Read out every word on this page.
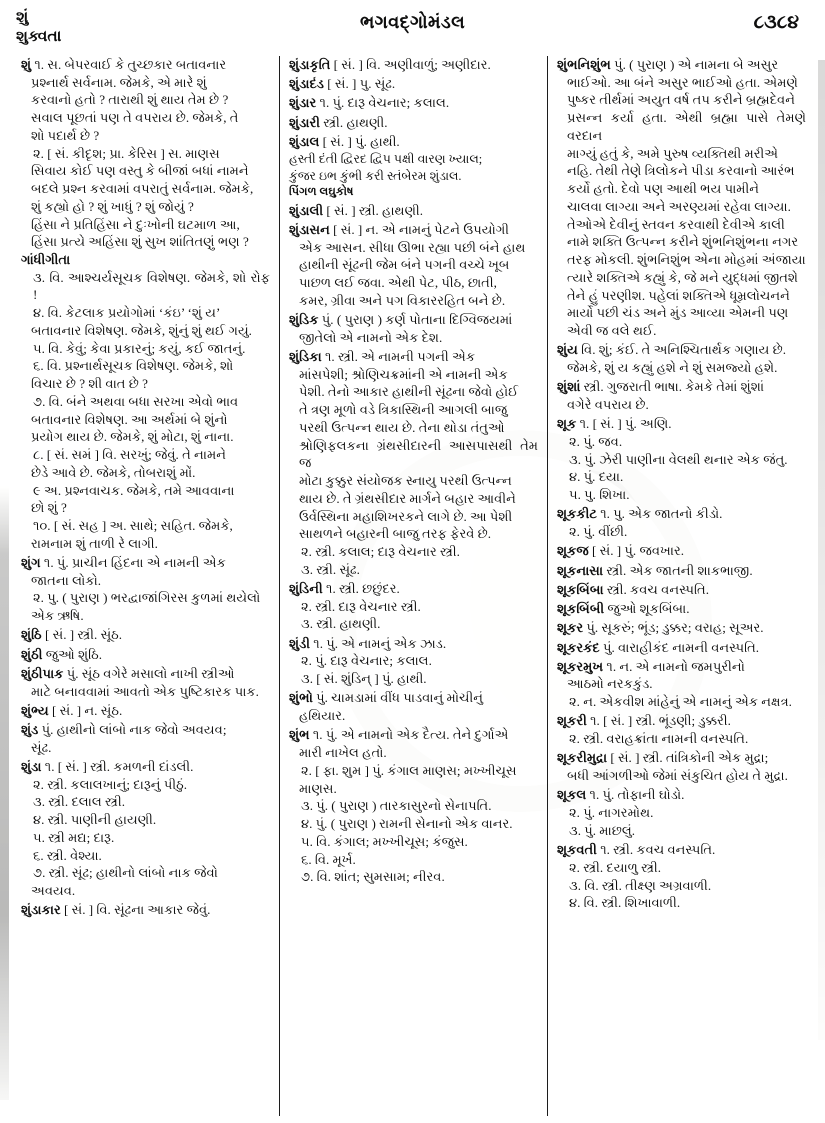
શું
શુક્વતા
ભગવદ્ગોમંડલ	૮૩૮૪

શું ૧. સ. બેપરવાઈ કે તુચ્છકાર બતાવનાર

પ્રશ્નાર્થ સર્વનામ. જેમકે, એ મારે શું

કરવાનો હતો ? તારાથી શું થાય તેમ છે ?

સવાલ પૂછતાં પણ તે વપરાય છે. જેમકે, તે

શો પદાર્થ છે ?

૨. [ સં. કીદૃશ; પ્રા. કેરિસ ] સ. માણસ

સિવાય કોઈ પણ વસ્તુ કે બીજાં બધાં નામને

બદલે પ્રશ્ન કરવામાં વપરાતું સર્વનામ. જેમકે,

શું કહ્યો હો ? શું ખાધું ? શું જોયું ?

હિંસા ને પ્રતિહિંસા ને દુઃખોની ઘટમાળ આ,

હિંસા પ્રત્યે અહિંસા શું સુખ શાંતિતણું ભણ ?

ગાંધીગીતા

૩. વિ. આશ્ચર્યસૂચક વિશેષણ. જેમકે, શો રોફ !

૪. વિ. કેટલાક પ્રયોગોમાં ‘કંઇ’ ‘શું ય’

બતાવનાર વિશેષણ. જેમકે, શુંનું શું થઈ ગયું.

૫. વિ. કેવું; કેવા પ્રકારનું; કયું, કઈ જાતનું.

૬. વિ. પ્રશ્નાર્થસૂચક વિશેષણ. જેમકે, શો

વિચાર છે ? શી વાત છે ?

૭. વિ. બંને અથવા બધા સરખા એવો ભાવ

બતાવનાર વિશેષણ. આ અર્થમાં બે શુંનો

પ્રયોગ થાય છે. જેમકે, શું મોટા, શું નાના.

૮. [ સં. સમં ] વિ. સરખું; જેવું. તે નામને

છેડે આવે છે. જેમકે, તોબરાશું મોં.

૯ અ. પ્રશ્નવાચક. જેમકે, તમે આવવાના

છો શું ?

૧૦. [ સં. સહ ] અ. સાથે; સહિત. જેમકે,

રામનામ શું તાળી રે લાગી.

શુંગ ૧. પું. પ્રાચીન હિંદના એ નામની એક

જાતના લોકો.

૨. પુ. ( પુરાણ ) ભરદ્વાજાંગિરસ કુળમાં થયેલો

એક ઋષિ.

શુંઠિ [ સં. ] સ્ત્રી. સૂંઠ.

શુંઠી જુઓ શુંઠિ.

શુંઠીપાક પું. સૂંઠ વગેરે મસાલો નાખી સ્ત્રીઓ

માટે બનાવવામાં આવતો એક પુષ્ટિકારક પાક.

શુંભ્ય [ સં. ] ન. સૂંઠ.

શુંડ પું. હાથીનો લાંબો નાક જેવો અવયવ;

સૂંઢ.

શુંડા ૧. [ સં. ] સ્ત્રી. કમળની દાંડલી.

૨. સ્ત્રી. કલાલખાનું; દારૂનું પીઠું.

૩. સ્ત્રી. દલાલ સ્ત્રી.

૪. સ્ત્રી. પાણીની હાયણી.

૫. સ્ત્રી મદ્ય; દારૂ.

૬. સ્ત્રી. વેશ્યા.

૭. સ્ત્રી. સૂંઢ; હાથીનો લાંબો નાક જેવો

અવયવ.

શુંડાકાર [ સં. ] વિ. સૂંઢના આકાર જેવું.

શુંડાકૃતિ [ સં. ] વિ. અણીવાળું; અણીદાર.

શુંડાદંડ [ સં. ] પુ. સૂંઢ.

શુંડાર ૧. પું. દારૂ વેચનાર; કલાલ.

શુંડારી સ્ત્રી. હાથણી.

શુંડાલ [ સં. ] પું. હાથી.

હસ્તી દંતી દ્વિરદ દ્વિપ પક્ષી વારણ ખ્યાલ;

કુંજર ઇભ કુંભી કરી સ્તંબેરમ શુંડાલ.

પિંગળ લઘુકોષ

શુંડાલી [ સં. ] સ્ત્રી. હાથણી.

શુંડાસન [ સં. ] ન. એ નામનું પેટને ઉપયોગી

એક આસન. સીધા ઊભા રહ્યા પછી બંને હાથ

હાથીની સૂંઢની જેમ બંને પગની વચ્ચે ખૂબ

પાછળ લઈ જવા. એથી પેટ, પીઠ, છાતી,

કમર, ગ્રીવા અને પગ વિકારરહિત બને છે.

શુંડિક પું. ( પુરાણ ) કર્ણ પોતાના દિગ્વિજયમાં

જીતેલો એ નામનો એક દેશ.

શુંડિકા ૧. સ્ત્રી. એ નામની પગની એક

માંસપેશી; શ્રોણિચક્રમાંની એ નામની એક

પેશી. તેનો આકાર હાથીની સૂંઢના જેવો હોઈ

તે ત્રણ મૂળો વડે ત્રિકાસ્થિની આગલી બાજુ

પરથી ઉત્પન્ન થાય છે. તેના થોડા તંતુઓ

શ્રોણિફલકના ગ્રંથસીદારની આસપાસથી તેમ જ

મોટા કુક્કુર સંયોજક સ્નાયુ પરથી ઉત્પન્ન

થાય છે. તે ગ્રંથસીદાર માર્ગને બહાર આવીને

ઉર્વસ્થિના મહાશિખરકને લાગે છે. આ પેશી

સાથળને બહારની બાજુ તરફ ફેરવે છે.

૨. સ્ત્રી. કલાલ; દારૂ વેચનાર સ્ત્રી.

૩. સ્ત્રી. સૂંઢ.

શુંડિની ૧. સ્ત્રી. છછુંદર.

૨. સ્ત્રી. દારૂ વેચનાર સ્ત્રી.

૩. સ્ત્રી. હાથણી.

શુંડી ૧. પું. એ નામનું એક ઝાડ.

૨. પું. દારૂ વેચનાર; કલાલ.

૩. [ સં. શુંડિન્ ] પું. હાથી.

શુંભો પું. ચામડામાં વીંધ પાડવાનું મોચીનું

હથિયાર.

શુંભ ૧. પું. એ નામનો એક દૈત્ય. તેને દુર્ગાએ

મારી નાખેલ હતો.

૨. [ ફા. શુમ ] પું. કંગાલ માણસ; મખ્ખીચૂસ

માણસ.

૩. પું. ( પુરાણ ) તારકાસુરનો સેનાપતિ.

૪. પું. ( પુરાણ ) રામની સેનાનો એક વાનર.

૫. વિ. કંગાલ; મખ્ખીચૂસ; કંજુસ.

૬. વિ. મૂર્ખ.

૭. વિ. શાંત; સુમસામ; નીરવ.

શુંભનિશુંભ પું. ( પુરાણ ) એ નામના બે અસુર

ભાઈઓ. આ બંને અસુર ભાઈઓ હતા. એમણે

પુષ્કર તીર્થમાં અયુત વર્ષ તપ કરીને બ્રહ્મદેવને

પ્રસન્ન કર્યા હતા. એથી બ્રહ્મા પાસે તેમણે વરદાન

માગ્યું હતું કે, અમે પુરુષ વ્યક્તિથી મરીએ

નહિ. તેથી તેણે ત્રિલોકને પીડા કરવાનો આરંભ

કર્યો હતો. દેવો પણ આથી ભય પામીને

ચાલવા લાગ્યા અને અરણ્યમાં રહેવા લાગ્યા.

તેઓએ દેવીનું સ્તવન કરવાથી દેવીએ કાલી

નામે શક્તિ ઉત્પન્ન કરીને શુંભનિશુંભના નગર

તરફ મોકલી. શુંભનિશુંભ એના મોહમાં અંજાયા

ત્યારે શક્તિએ કહ્યું કે, જે મને યુદ્ધમાં જીતશે

તેને હું પરણીશ. પહેલાં શક્તિએ ધૂમ્રલોચનને

માર્યો પછી ચંડ અને મુંડ આવ્યા એમની પણ

એવી જ વલે થઈ.

શુંય વિ. શું; કંઈ. તે અનિશ્ચિતાર્થક ગણાય છે.

જેમકે, શું ય કહ્યું હશે ને શું સમજ્યો હશે.

શુંશાં સ્ત્રી. ગુજરાતી ભાષા. કેમકે તેમાં શુંશાં

વગેરે વપરાય છે.

શૂક ૧. [ સં. ] પું. અણિ.

૨. પું. જવ.

૩. પું. ઝેરી પાણીના વેલથી થનાર એક જંતુ.

૪. પું. દયા.

૫. પુ. શિખા.

શૂકકીટ ૧. પુ. એક જાતનો કીડો.

૨. પું. વીંછી.

શૂકજ [ સં. ] પું. જવખાર.

શૂકનાસા સ્ત્રી. એક જાતની શાકભાજી.

શૂકબિંબા સ્ત્રી. કવચ વનસ્પતિ.

શૂકબિંબી જુઓ શૂકબિંબા.

શૂકર પું. સૂકરું; ભૂંડ; ડુક્કર; વરાહ; સૂઅર.

શૂકરકંદ પું. વારાહીકંદ નામની વનસ્પતિ.

શૂકરમુખ ૧. ન. એ નામનો જમપુરીનો

આઠમો નરકકુંડ.

૨. ન. એકવીશ માંહેનું એ નામનું એક નક્ષત્ર.

શૂકરી ૧. [ સં. ] સ્ત્રી. ભૂંડણી; ડુક્કરી.

૨. સ્ત્રી. વરાહક્રાંતા નામની વનસ્પતિ.

શૂકરીમુદ્રા [ સં. ] સ્ત્રી. તાંત્રિકોની એક મુદ્રા;

બધી આંગળીઓ જેમાં સંકુચિત હોય તે મુદ્રા.

શૂકલ ૧. પું. તોફાની ઘોડો.

૨. પું. નાગરમોથ.

૩. પું. માછલું.

શૂકવતી ૧. સ્ત્રી. કવચ વનસ્પતિ.

૨. સ્ત્રી. દયાળુ સ્ત્રી.

૩. વિ. સ્ત્રી. તીક્ષ્ણ અગ્રવાળી.

૪. વિ. સ્ત્રી. શિખાવાળી.
